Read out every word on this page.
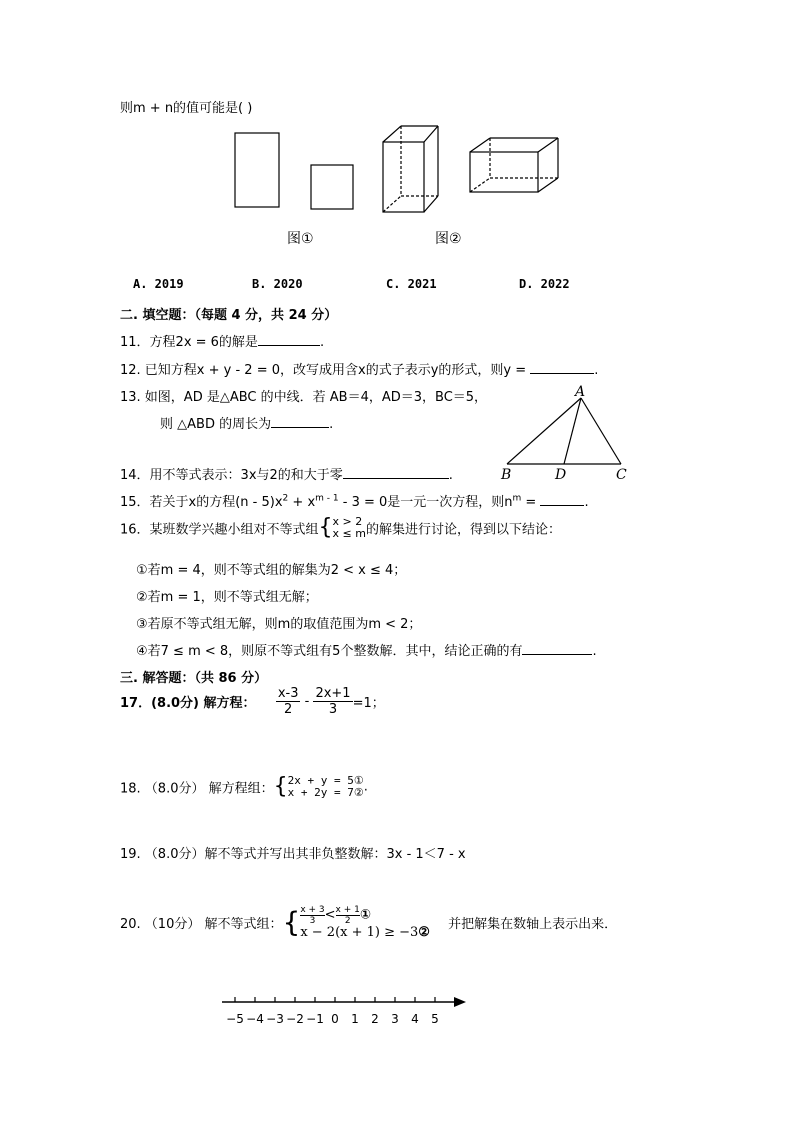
则m + n的值可能是( )
图①	图②
A. 2019	B. 2020	C. 2021	D. 2022
二. 填空题：（每题 4 分，共 24 分）
11．方程2x = 6的解是	.
12. 已知方程x + y - 2 = 0，改写成用含x的式子表示y的形式，则y =	.
13. 如图，AD 是△ABC 的中线．若 AB＝4，AD＝3，BC＝5，
则 △ABD 的周长为	.
A
B	D	C
14．用不等式表示：3x与2的和大于零	.
15．若关于x的方程$(n - 5)x^2 + x^{m - 1} - 3 = 0$是一元一次方程，则$n^m$ =	.
16．某班数学兴趣小组对不等式组{ x > 2
x ≤ m 的解集进行讨论，得到以下结论：
①若m = 4，则不等式组的解集为2 < x ≤ 4；
②若m = 1，则不等式组无解；
③若原不等式组无解，则m的取值范围为m < 2；
④若7 ≤ m < 8，则原不等式组有5个整数解．其中，结论正确的有	.
三. 解答题：（共 86 分）
17．(8.0分) 解方程： $\frac{x-3}{2} - \frac{2x+1}{3} =1$；
18. （8.0分） 解方程组：{ 2x + y = 5①
x + 2y = 7② .
19. （8.0分）解不等式并写出其非负整数解：3x - 1＜7 - x
20. （10分） 解不等式组：{ $\frac{x + 3}{3}<$ $\frac{x + 1}{2}①$
x − 2(x + 1) ≥ −3②
并把解集在数轴上表示出来．
−5 −4 −3 −2 −1 0 1 2 3 4 5
